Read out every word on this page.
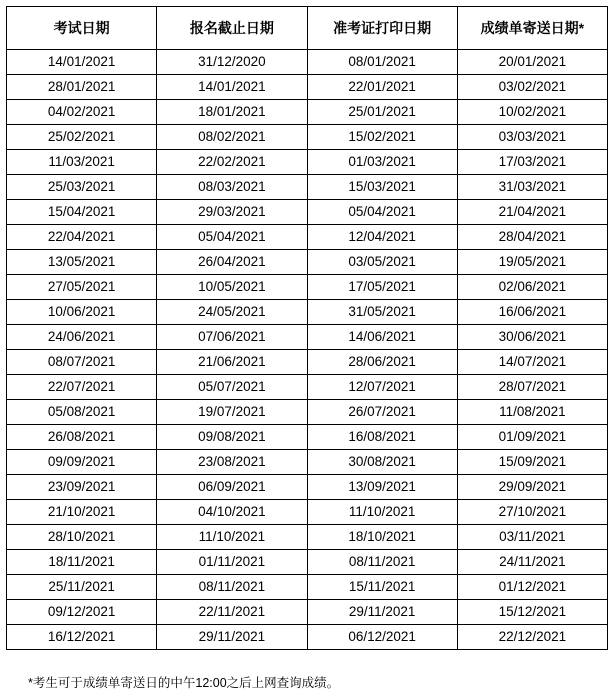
考试日期	报名截止日期	准考证打印日期	成绩单寄送日期*
14/01/2021	31/12/2020	08/01/2021	20/01/2021
28/01/2021	14/01/2021	22/01/2021	03/02/2021
04/02/2021	18/01/2021	25/01/2021	10/02/2021
25/02/2021	08/02/2021	15/02/2021	03/03/2021
11/03/2021	22/02/2021	01/03/2021	17/03/2021
25/03/2021	08/03/2021	15/03/2021	31/03/2021
15/04/2021	29/03/2021	05/04/2021	21/04/2021
22/04/2021	05/04/2021	12/04/2021	28/04/2021
13/05/2021	26/04/2021	03/05/2021	19/05/2021
27/05/2021	10/05/2021	17/05/2021	02/06/2021
10/06/2021	24/05/2021	31/05/2021	16/06/2021
24/06/2021	07/06/2021	14/06/2021	30/06/2021
08/07/2021	21/06/2021	28/06/2021	14/07/2021
22/07/2021	05/07/2021	12/07/2021	28/07/2021
05/08/2021	19/07/2021	26/07/2021	11/08/2021
26/08/2021	09/08/2021	16/08/2021	01/09/2021
09/09/2021	23/08/2021	30/08/2021	15/09/2021
23/09/2021	06/09/2021	13/09/2021	29/09/2021
21/10/2021	04/10/2021	11/10/2021	27/10/2021
28/10/2021	11/10/2021	18/10/2021	03/11/2021
18/11/2021	01/11/2021	08/11/2021	24/11/2021
25/11/2021	08/11/2021	15/11/2021	01/12/2021
09/12/2021	22/11/2021	29/11/2021	15/12/2021
16/12/2021	29/11/2021	06/12/2021	22/12/2021

*考生可于成绩单寄送日的中午12:00之后上网查询成绩。
